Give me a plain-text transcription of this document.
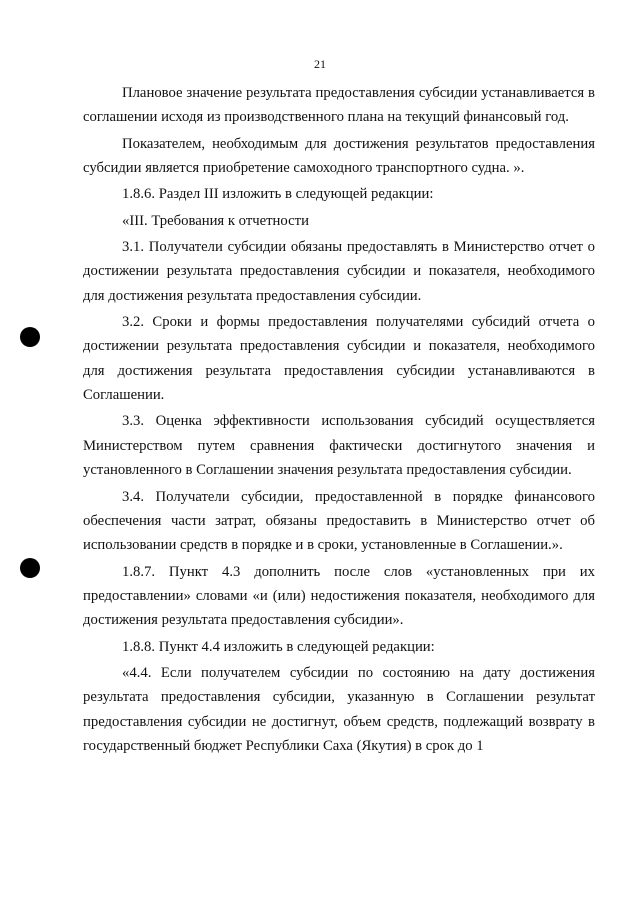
21

Плановое значение результата предоставления субсидии устанавливается в соглашении исходя из производственного плана на текущий финансовый год.

Показателем, необходимым для достижения результатов предоставления субсидии является приобретение самоходного транспортного судна. ».

1.8.6. Раздел III изложить в следующей редакции:

«III. Требования к отчетности

3.1. Получатели субсидии обязаны предоставлять в Министерство отчет о достижении результата предоставления субсидии и показателя, необходимого для достижения результата предоставления субсидии.

3.2. Сроки и формы предоставления получателями субсидий отчета о достижении результата предоставления субсидии и показателя, необходимого для достижения результата предоставления субсидии устанавливаются в Соглашении.

3.3. Оценка эффективности использования субсидий осуществляется Министерством путем сравнения фактически достигнутого значения и установленного в Соглашении значения результата предоставления субсидии.

3.4. Получатели субсидии, предоставленной в порядке финансового обеспечения части затрат, обязаны предоставить в Министерство отчет об использовании средств в порядке и в сроки, установленные в Соглашении.».

1.8.7. Пункт 4.3 дополнить после слов «установленных при их предоставлении» словами «и (или) недостижения показателя, необходимого для достижения результата предоставления субсидии».

1.8.8. Пункт 4.4 изложить в следующей редакции:

«4.4. Если получателем субсидии по состоянию на дату достижения результата предоставления субсидии, указанную в Соглашении результат предоставления субсидии не достигнут, объем средств, подлежащий возврату в государственный бюджет Республики Саха (Якутия) в срок до 1
